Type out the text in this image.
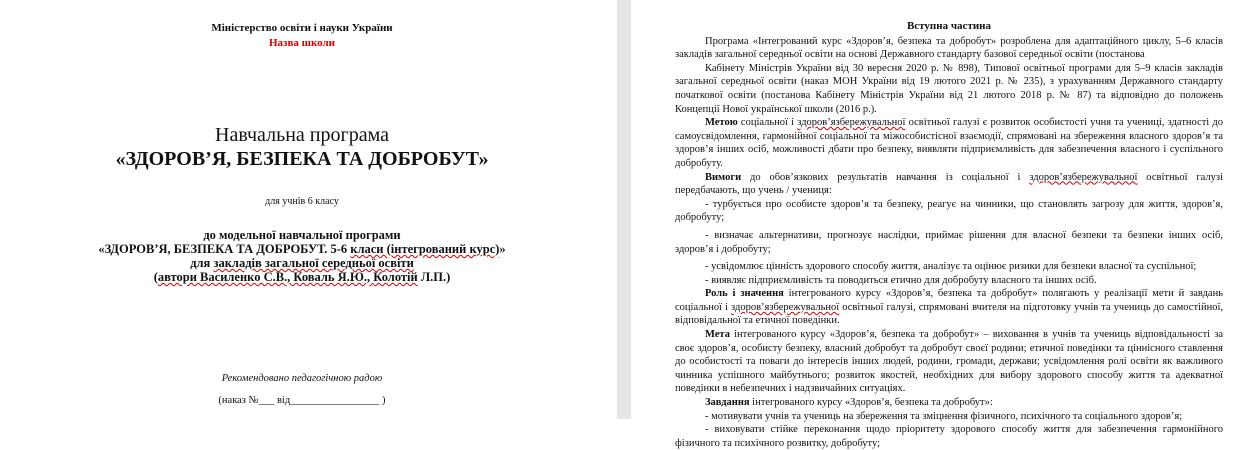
Міністерство освіти і науки України
Назва школи
Навчальна програма
«ЗДОРОВ’Я, БЕЗПЕКА ТА ДОБРОБУТ»
для учнів 6 класу
до модельної навчальної програми
«ЗДОРОВ’Я, БЕЗПЕКА ТА ДОБРОБУТ. 5-6 класи (інтегрований курс)»
для закладів загальної середньої освіти
(автори Василенко С.В., Коваль Я.Ю., Колотій Л.П.)
Рекомендовано педагогічною радою
(наказ №___ від_________________ )

Вступна частина

Програма «Інтегрований курс «Здоров’я, безпека та добробут» розроблена для адаптаційного циклу, 5–6 класів закладів загальної середньої освіти на основі Державного стандарту базової середньої освіти (постанова

Кабінету Міністрів України від 30 вересня 2020 р. № 898), Типової освітньої програми для 5–9 класів закладів загальної середньої освіти (наказ МОН України від 19 лютого 2021 р. № 235), з урахуванням Державного стандарту початкової освіти (постанова Кабінету Міністрів України від 21 лютого 2018 р. № 87) та відповідно до положень Концепції Нової української школи (2016 р.).

Метою соціальної і здоров’язбережувальної освітньої галузі є розвиток особистості учня та учениці, здатності до самоусвідомлення, гармонійної соціальної та міжособистісної взаємодії, спрямовані на збереження власного здоров’я та здоров’я інших осіб, можливості дбати про безпеку, виявляти підприємливість для забезпечення власного і суспільного добробуту.

Вимоги до обов’язкових результатів навчання із соціальної і здоров’язбережувальної освітньої галузі передбачають, що учень / учениця:

- турбується про особисте здоров’я та безпеку, реагує на чинники, що становлять загрозу для життя, здоров’я, добробуту;

- визначає альтернативи, прогнозує наслідки, приймає рішення для власної безпеки та безпеки інших осіб, здоров’я і добробуту;

- усвідомлює цінність здорового способу життя, аналізує та оцінює ризики для безпеки власної та суспільної;

- виявляє підприємливість та поводиться етично для добробуту власного та інших осіб.

Роль і значення інтегрованого курсу «Здоров’я, безпека та добробут» полягають у реалізації мети й завдань соціальної і здоров’язбережувальної освітньої галузі, спрямовані вчителя на підготовку учнів та учениць до самостійної, відповідальної та етичної поведінки.

Мета інтегрованого курсу «Здоров’я, безпека та добробут» – виховання в учнів та учениць відповідальності за своє здоров’я, особисту безпеку, власний добробут та добробут своєї родини; етичної поведінки та ціннісного ставлення до особистості та поваги до інтересів інших людей, родини, громади, держави; усвідомлення ролі освіти як важливого чинника успішного майбутнього; розвиток якостей, необхідних для вибору здорового способу життя та адекватної поведінки в небезпечних і надзвичайних ситуаціях.

Завдання інтегрованого курсу «Здоров’я, безпека та добробут»:

- мотивувати учнів та учениць на збереження та зміцнення фізичного, психічного та соціального здоров’я;

- виховувати стійке переконання щодо пріоритету здорового способу життя для забезпечення гармонійного фізичного та психічного розвитку, добробуту;
